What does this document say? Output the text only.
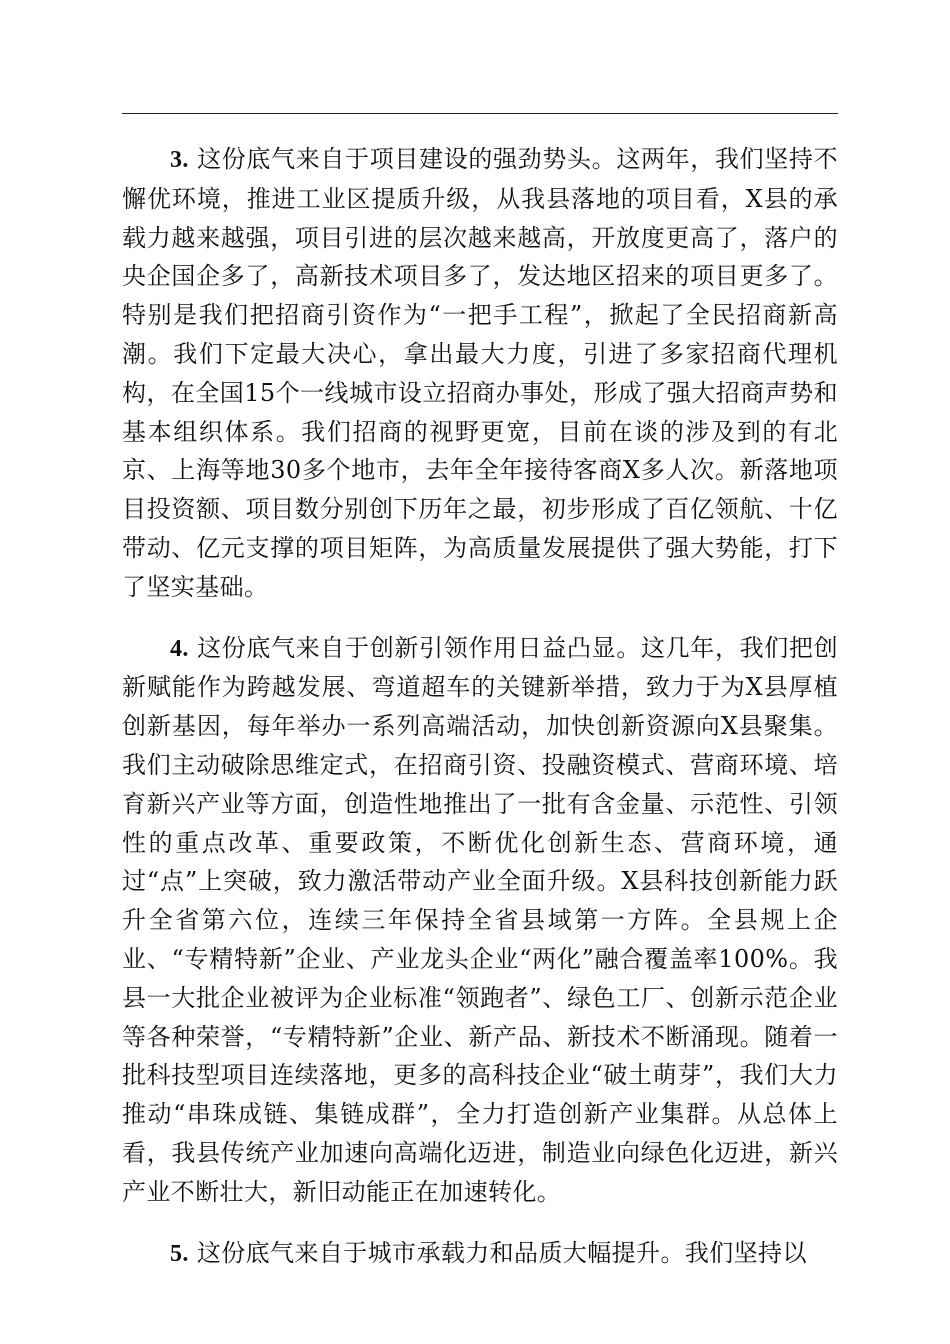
3. 这份底气来自于项目建设的强劲势头。这两年，我们坚持不懈优环境，推进工业区提质升级，从我县落地的项目看，X县的承载力越来越强，项目引进的层次越来越高，开放度更高了，落户的央企国企多了，高新技术项目多了，发达地区招来的项目更多了。特别是我们把招商引资作为“一把手工程”，掀起了全民招商新高潮。我们下定最大决心，拿出最大力度，引进了多家招商代理机构，在全国15个一线城市设立招商办事处，形成了强大招商声势和基本组织体系。我们招商的视野更宽，目前在谈的涉及到的有北京、上海等地30多个地市，去年全年接待客商X多人次。新落地项目投资额、项目数分别创下历年之最，初步形成了百亿领航、十亿带动、亿元支撑的项目矩阵，为高质量发展提供了强大势能，打下了坚实基础。

4. 这份底气来自于创新引领作用日益凸显。这几年，我们把创新赋能作为跨越发展、弯道超车的关键新举措，致力于为X县厚植创新基因，每年举办一系列高端活动，加快创新资源向X县聚集。我们主动破除思维定式，在招商引资、投融资模式、营商环境、培育新兴产业等方面，创造性地推出了一批有含金量、示范性、引领性的重点改革、重要政策，不断优化创新生态、营商环境，通过“点”上突破，致力激活带动产业全面升级。X县科技创新能力跃升全省第六位，连续三年保持全省县域第一方阵。全县规上企业、“专精特新”企业、产业龙头企业“两化”融合覆盖率100%。我县一大批企业被评为企业标准“领跑者”、绿色工厂、创新示范企业等各种荣誉，“专精特新”企业、新产品、新技术不断涌现。随着一批科技型项目连续落地，更多的高科技企业“破土萌芽”，我们大力推动“串珠成链、集链成群”，全力打造创新产业集群。从总体上看，我县传统产业加速向高端化迈进，制造业向绿色化迈进，新兴产业不断壮大，新旧动能正在加速转化。

5. 这份底气来自于城市承载力和品质大幅提升。我们坚持以
